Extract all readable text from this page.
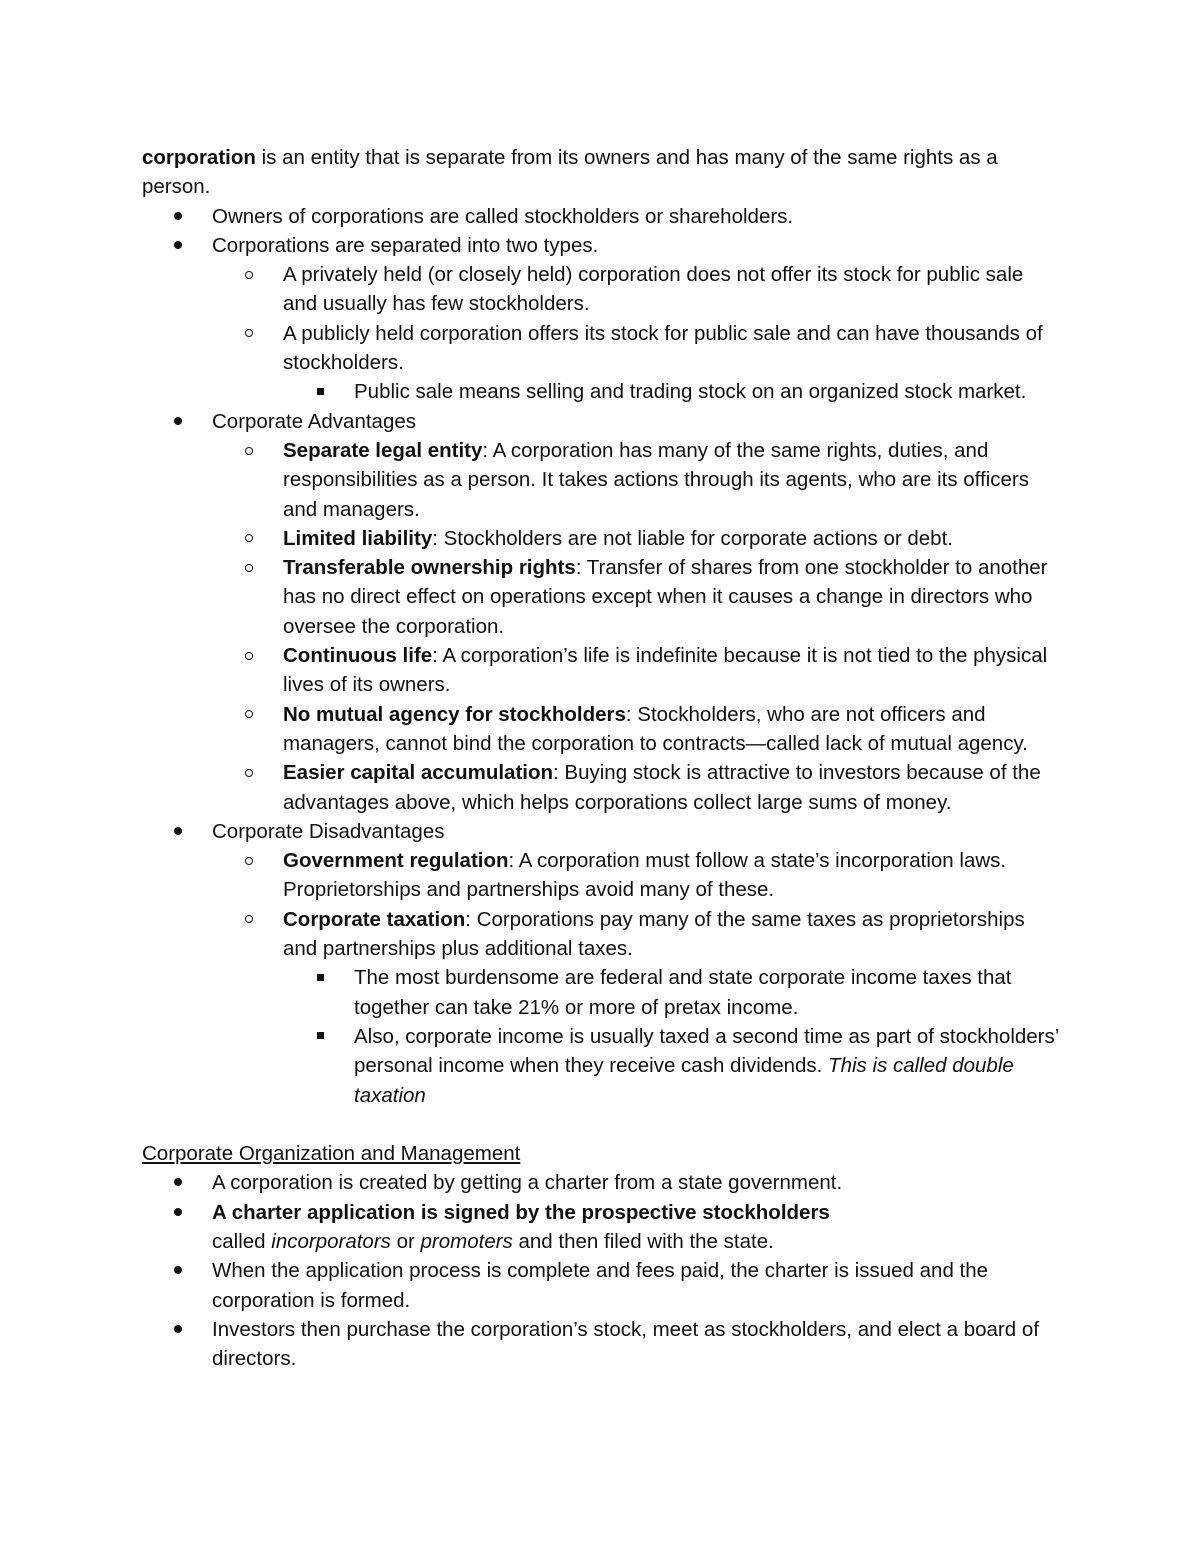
corporation is an entity that is separate from its owners and has many of the same rights as a person.

Owners of corporations are called stockholders or shareholders.
Corporations are separated into two types.
A privately held (or closely held) corporation does not offer its stock for public sale and usually has few stockholders.
A publicly held corporation offers its stock for public sale and can have thousands of stockholders.
Public sale means selling and trading stock on an organized stock market.
Corporate Advantages
Separate legal entity: A corporation has many of the same rights, duties, and responsibilities as a person. It takes actions through its agents, who are its officers and managers.
Limited liability: Stockholders are not liable for corporate actions or debt.
Transferable ownership rights: Transfer of shares from one stockholder to another has no direct effect on operations except when it causes a change in directors who oversee the corporation.
Continuous life: A corporation’s life is indefinite because it is not tied to the physical lives of its owners.
No mutual agency for stockholders: Stockholders, who are not officers and managers, cannot bind the corporation to contracts—called lack of mutual agency.
Easier capital accumulation: Buying stock is attractive to investors because of the advantages above, which helps corporations collect large sums of money.
Corporate Disadvantages
Government regulation: A corporation must follow a state’s incorporation laws. Proprietorships and partnerships avoid many of these.
Corporate taxation: Corporations pay many of the same taxes as proprietorships and partnerships plus additional taxes.
The most burdensome are federal and state corporate income taxes that together can take 21% or more of pretax income.
Also, corporate income is usually taxed a second time as part of stockholders’ personal income when they receive cash dividends. This is called double taxation

Corporate Organization and Management

A corporation is created by getting a charter from a state government.
A charter application is signed by the prospective stockholders
called incorporators or promoters and then filed with the state.
When the application process is complete and fees paid, the charter is issued and the corporation is formed.
Investors then purchase the corporation’s stock, meet as stockholders, and elect a board of directors.
